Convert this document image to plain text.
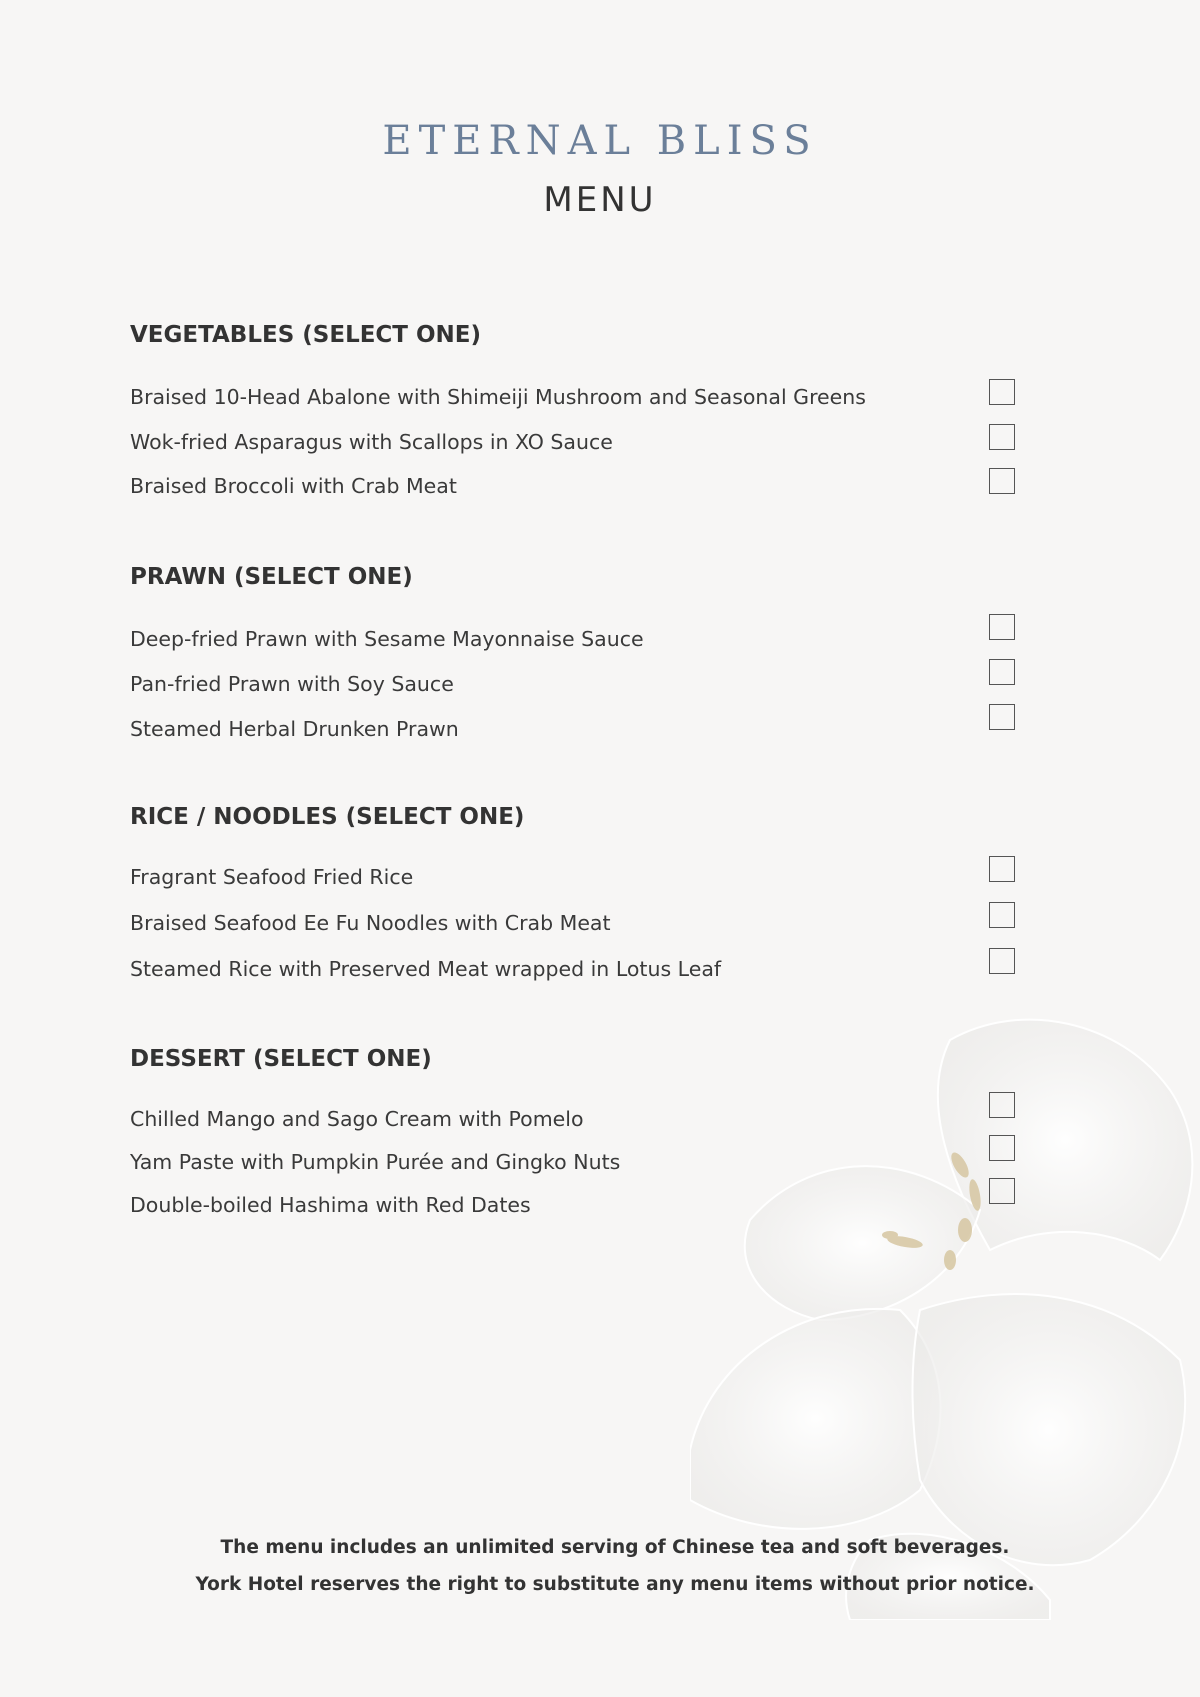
ETERNAL BLISS
MENU
VEGETABLES (SELECT ONE)
Braised 10-Head Abalone with Shimeiji Mushroom and Seasonal Greens
Wok-fried Asparagus with Scallops in XO Sauce
Braised Broccoli with Crab Meat
PRAWN (SELECT ONE)
Deep-fried Prawn with Sesame Mayonnaise Sauce
Pan-fried Prawn with Soy Sauce
Steamed Herbal Drunken Prawn
RICE / NOODLES (SELECT ONE)
Fragrant Seafood Fried Rice
Braised Seafood Ee Fu Noodles with Crab Meat
Steamed Rice with Preserved Meat wrapped in Lotus Leaf
DESSERT (SELECT ONE)
Chilled Mango and Sago Cream with Pomelo
Yam Paste with Pumpkin Purée and Gingko Nuts
Double-boiled Hashima with Red Dates
The menu includes an unlimited serving of Chinese tea and soft beverages.
York Hotel reserves the right to substitute any menu items without prior notice.
